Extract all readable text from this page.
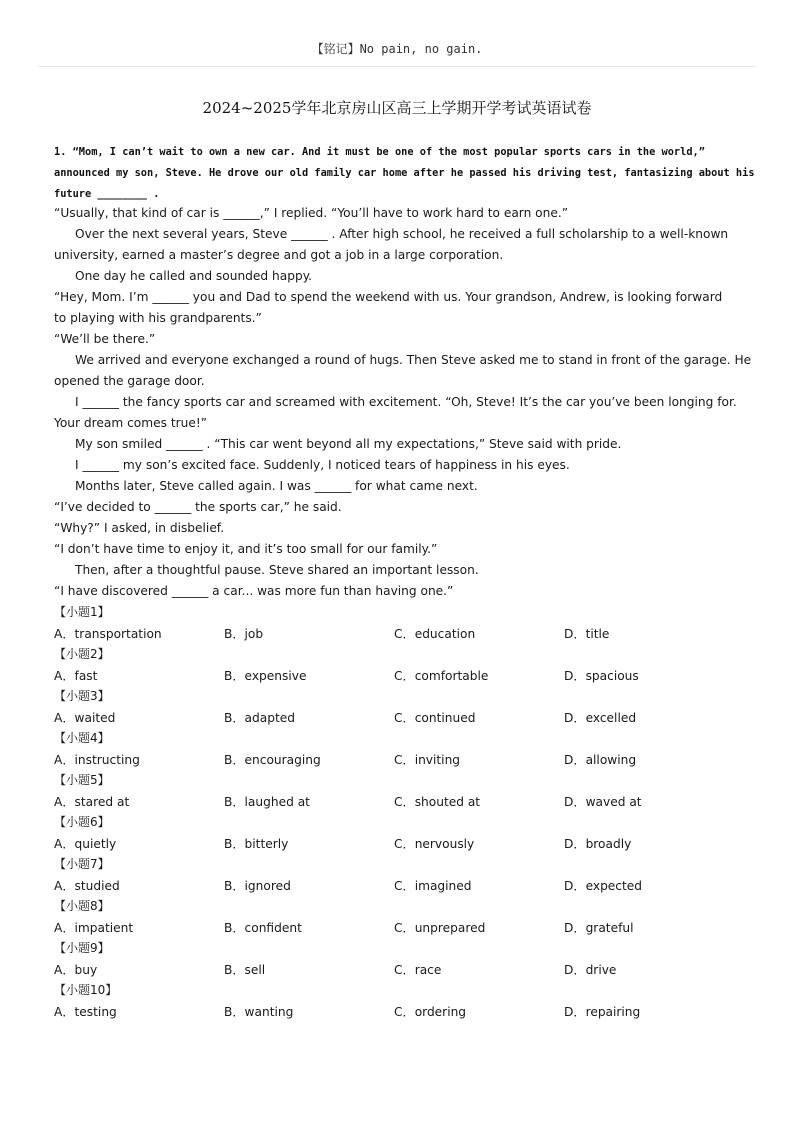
【铭记】No pain, no gain.
2024~2025学年北京房山区高三上学期开学考试英语试卷
1. “Mom, I can’t wait to own a new car. And it must be one of the most popular sports cars in the world,”
announced my son, Steve. He drove our old family car home after he passed his driving test, fantasizing about his
future ________ .
“Usually, that kind of car is ______,” I replied. “You’ll have to work hard to earn one.”
Over the next several years, Steve ______ . After high school, he received a full scholarship to a well-known
university, earned a master’s degree and got a job in a large corporation.
One day he called and sounded happy.
“Hey, Mom. I’m ______ you and Dad to spend the weekend with us. Your grandson, Andrew, is looking forward
to playing with his grandparents.”
“We’ll be there.”
We arrived and everyone exchanged a round of hugs. Then Steve asked me to stand in front of the garage. He
opened the garage door.
I ______ the fancy sports car and screamed with excitement. “Oh, Steve! It’s the car you’ve been longing for.
Your dream comes true!”
My son smiled ______ . “This car went beyond all my expectations,” Steve said with pride.
I ______ my son’s excited face. Suddenly, I noticed tears of happiness in his eyes.
Months later, Steve called again. I was ______ for what came next.
“I’ve decided to ______ the sports car,” he said.
“Why?” I asked, in disbelief.
“I don’t have time to enjoy it, and it’s too small for our family.”
Then, after a thoughtful pause. Steve shared an important lesson.
“I have discovered ______ a car... was more fun than having one.”
【小题1】
A．transportation	B．job	C．education	D．title
【小题2】
A．fast	B．expensive	C．comfortable	D．spacious
【小题3】
A．waited	B．adapted	C．continued	D．excelled
【小题4】
A．instructing	B．encouraging	C．inviting	D．allowing
【小题5】
A．stared at	B．laughed at	C．shouted at	D．waved at
【小题6】
A．quietly	B．bitterly	C．nervously	D．broadly
【小题7】
A．studied	B．ignored	C．imagined	D．expected
【小题8】
A．impatient	B．confident	C．unprepared	D．grateful
【小题9】
A．buy	B．sell	C．race	D．drive
【小题10】
A．testing	B．wanting	C．ordering	D．repairing
